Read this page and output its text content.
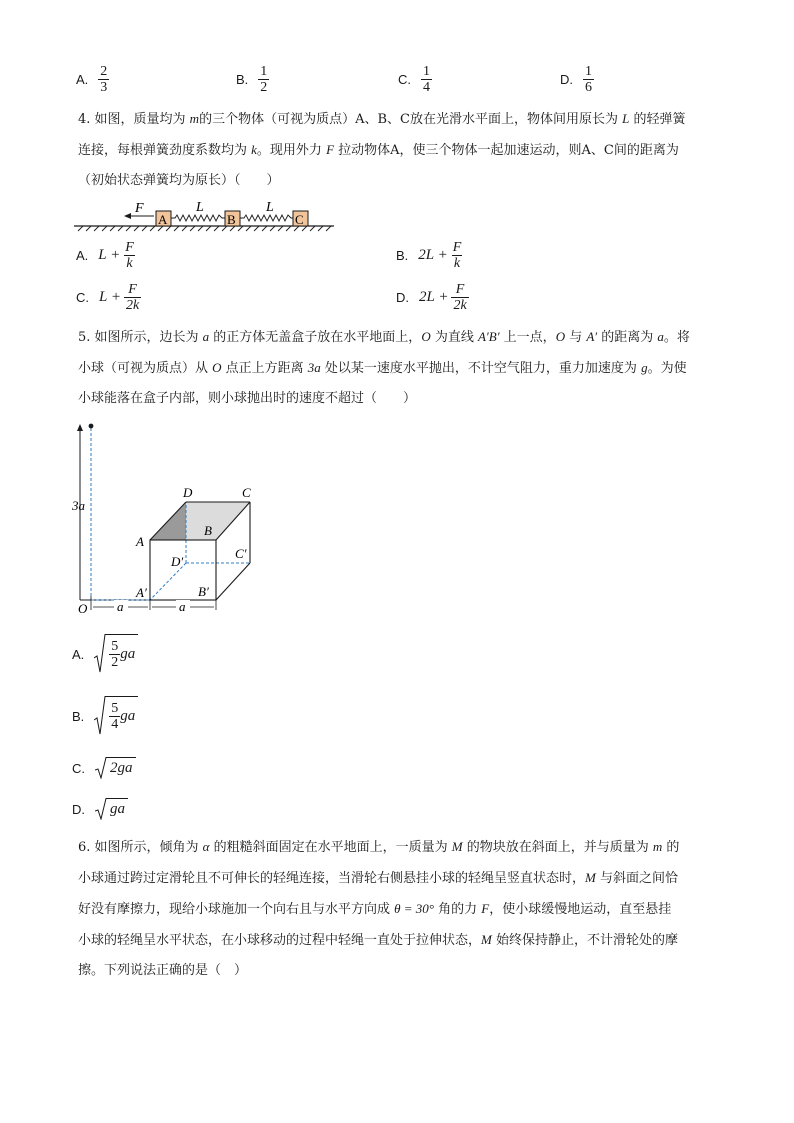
A. $\frac{2}{3}$	B. $\frac{1}{2}$	C. $\frac{1}{4}$	D. $\frac{1}{6}$
4. 如图，质量均为 m的三个物体（可视为质点）A、B、C放在光滑水平面上，物体间用原长为 L 的轻弹簧
连接，每根弹簧劲度系数均为 k。现用外力 F 拉动物体A，使三个物体一起加速运动，则A、C间的距离为
（初始状态弹簧均为原长）（　　）
F
A
L
B
L
C
A. $L + \frac{F}{k}$	B. $2L + \frac{F}{k}$
C. $L + \frac{F}{2k}$	D. $2L + \frac{F}{2k}$
5. 如图所示，边长为 a 的正方体无盖盒子放在水平地面上，O 为直线 A′B′ 上一点，O 与 A′ 的距离为 a。将
小球（可视为质点）从 O 点正上方距离 3a 处以某一速度水平抛出，不计空气阻力，重力加速度为 g。为使
小球能落在盒子内部，则小球抛出时的速度不超过（　　）
3a
a	a
O
D	C
A
B
D′
C′
A′	B′
A. $\frac{5}{2}$ ga
B. $\frac{5}{4}$ ga
C. 2ga
D. ga
6. 如图所示，倾角为 α 的粗糙斜面固定在水平地面上，一质量为 M 的物块放在斜面上，并与质量为 m 的
小球通过跨过定滑轮且不可伸长的轻绳连接，当滑轮右侧悬挂小球的轻绳呈竖直状态时，M 与斜面之间恰
好没有摩擦力，现给小球施加一个向右且与水平方向成 θ = 30° 角的力 F，使小球缓慢地运动，直至悬挂
小球的轻绳呈水平状态，在小球移动的过程中轻绳一直处于拉伸状态，M 始终保持静止，不计滑轮处的摩
擦。下列说法正确的是（　）
